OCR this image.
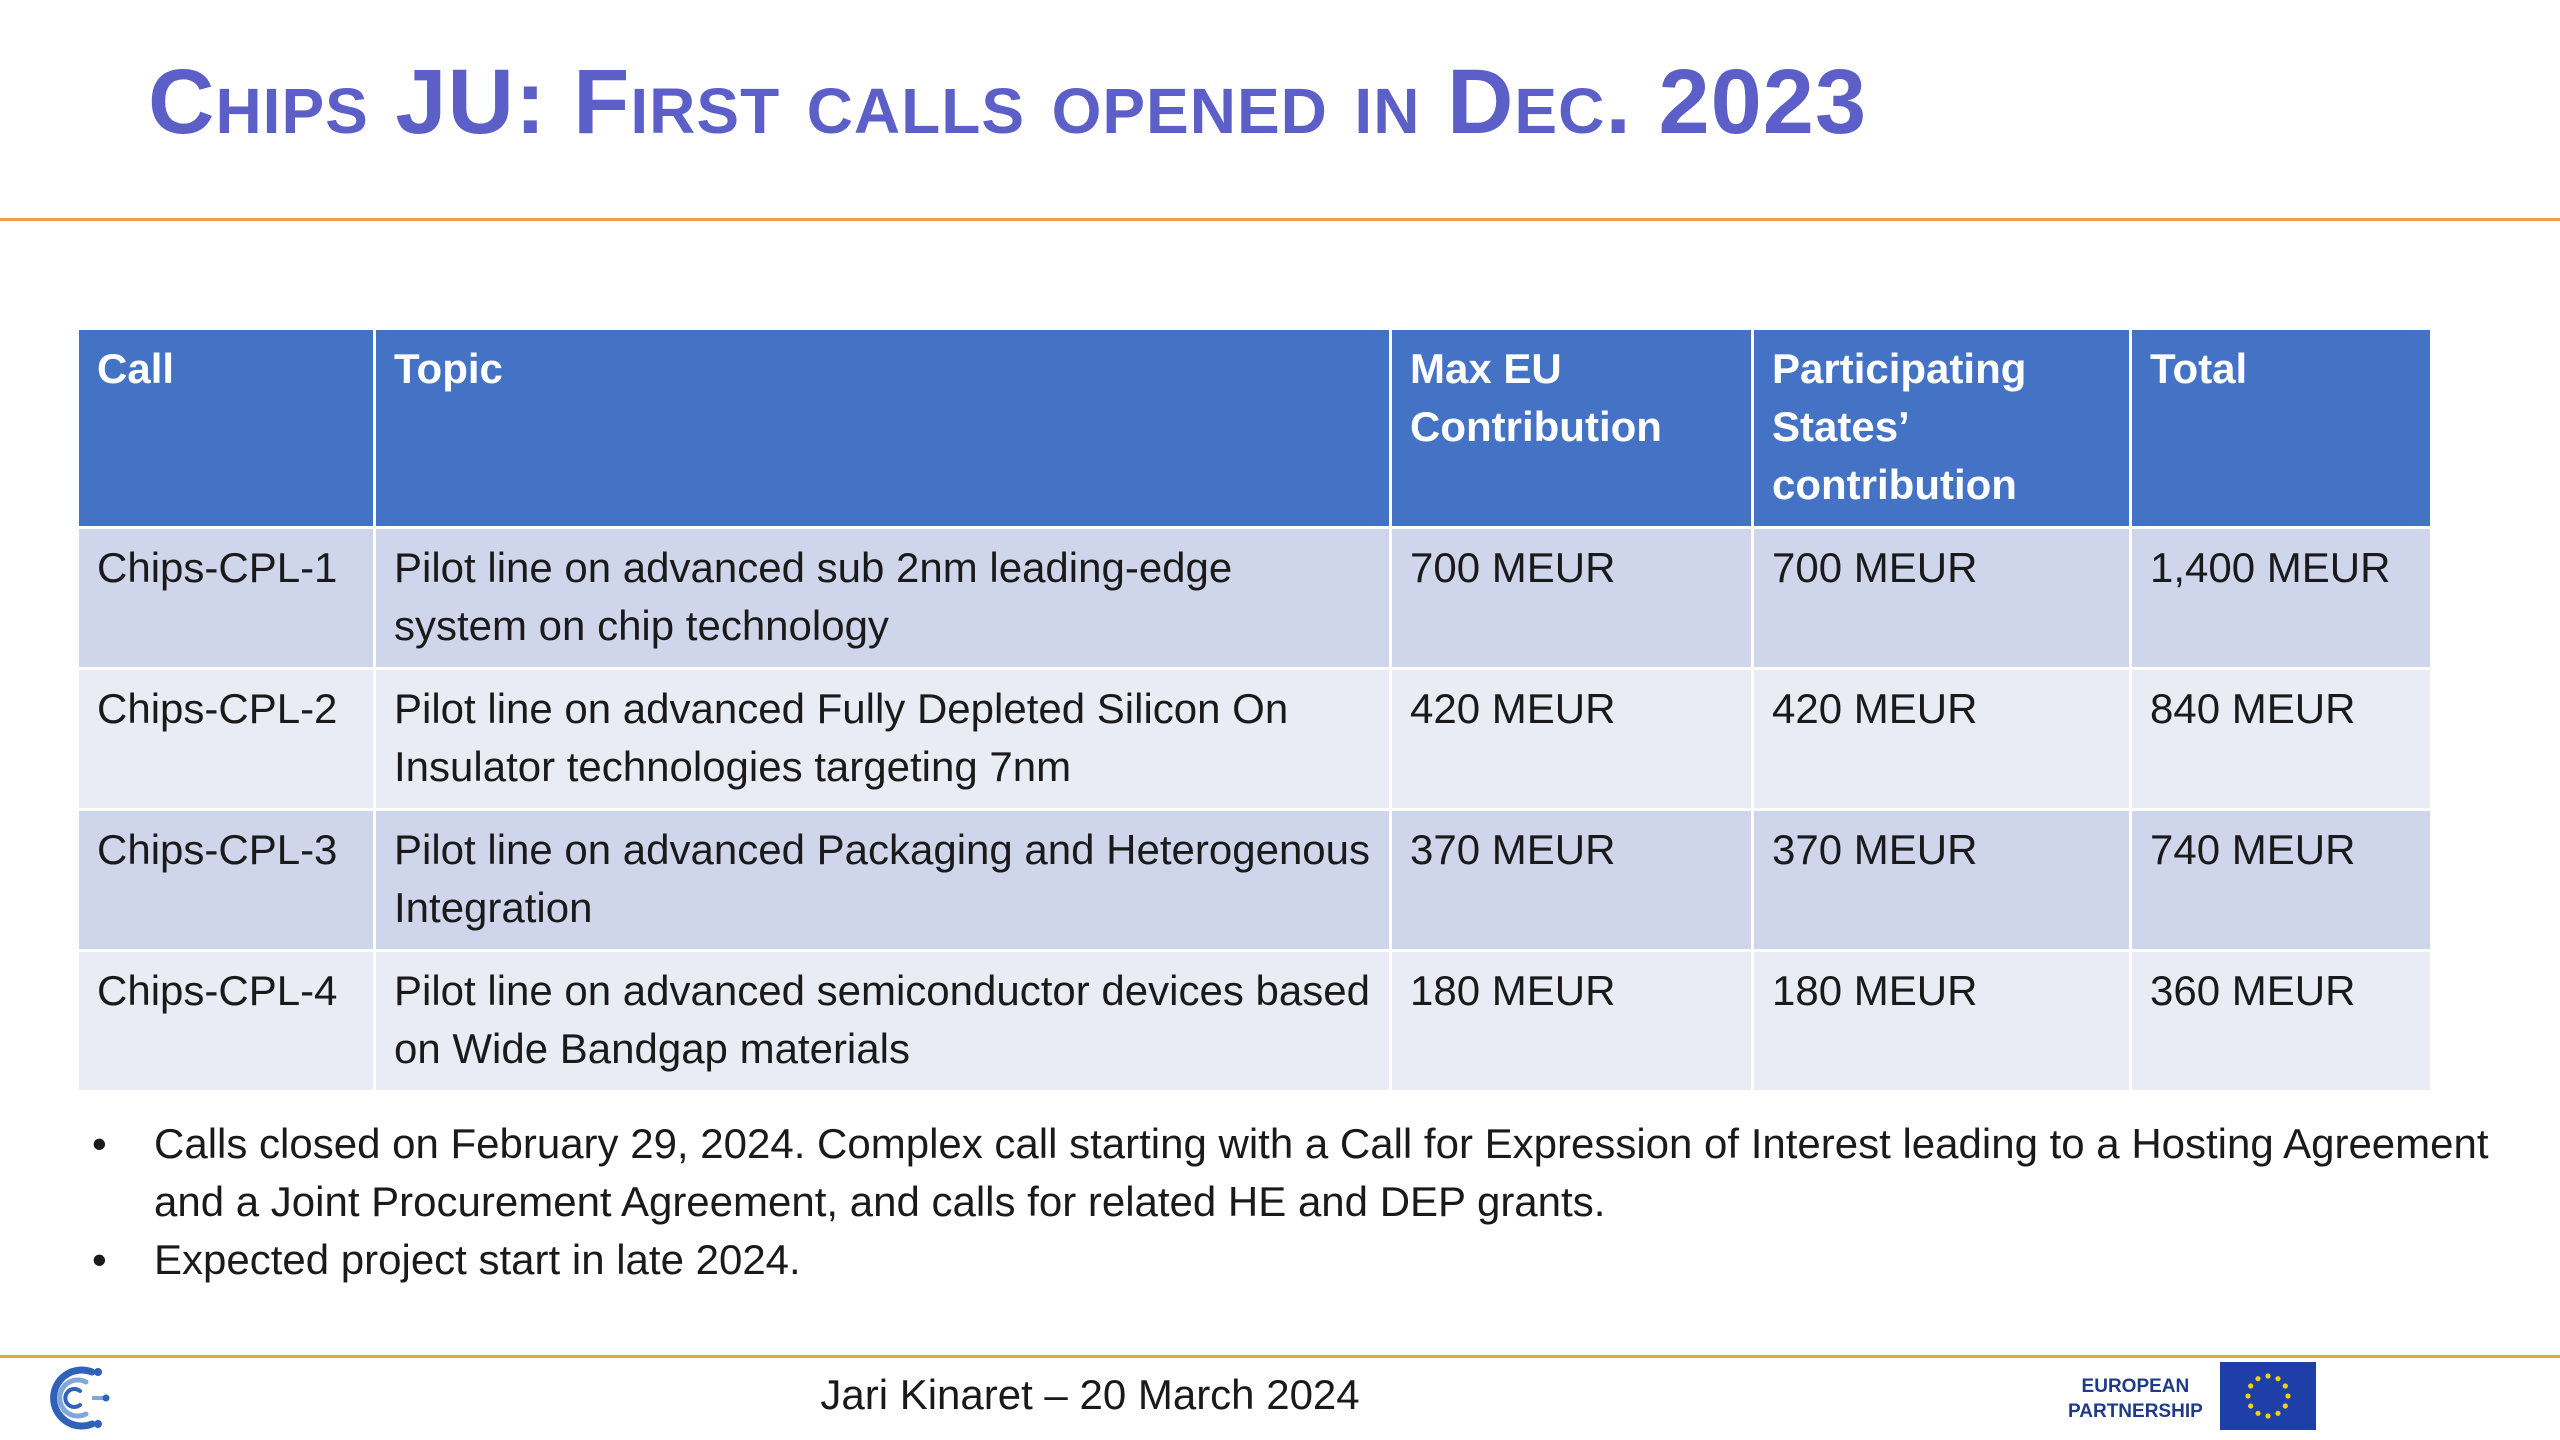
Chips JU: First calls opened in Dec. 2023
Call	Topic	Max EU Contribution	Participating States’ contribution	Total
Chips-CPL-1	Pilot line on advanced sub 2nm leading-edge system on chip technology	700 MEUR	700 MEUR	1,400 MEUR
Chips-CPL-2	Pilot line on advanced Fully Depleted Silicon On Insulator technologies targeting 7nm	420 MEUR	420 MEUR	840 MEUR
Chips-CPL-3	Pilot line on advanced Packaging and Heterogenous Integration	370 MEUR	370 MEUR	740 MEUR
Chips-CPL-4	Pilot line on advanced semiconductor devices based on Wide Bandgap materials	180 MEUR	180 MEUR	360 MEUR
•	Calls closed on February 29, 2024. Complex call starting with a Call for Expression of Interest leading to a Hosting Agreement and a Joint Procurement Agreement, and calls for related HE and DEP grants.
•	Expected project start in late 2024.
Jari Kinaret – 20 March 2024	EUROPEAN
PARTNERSHIP
